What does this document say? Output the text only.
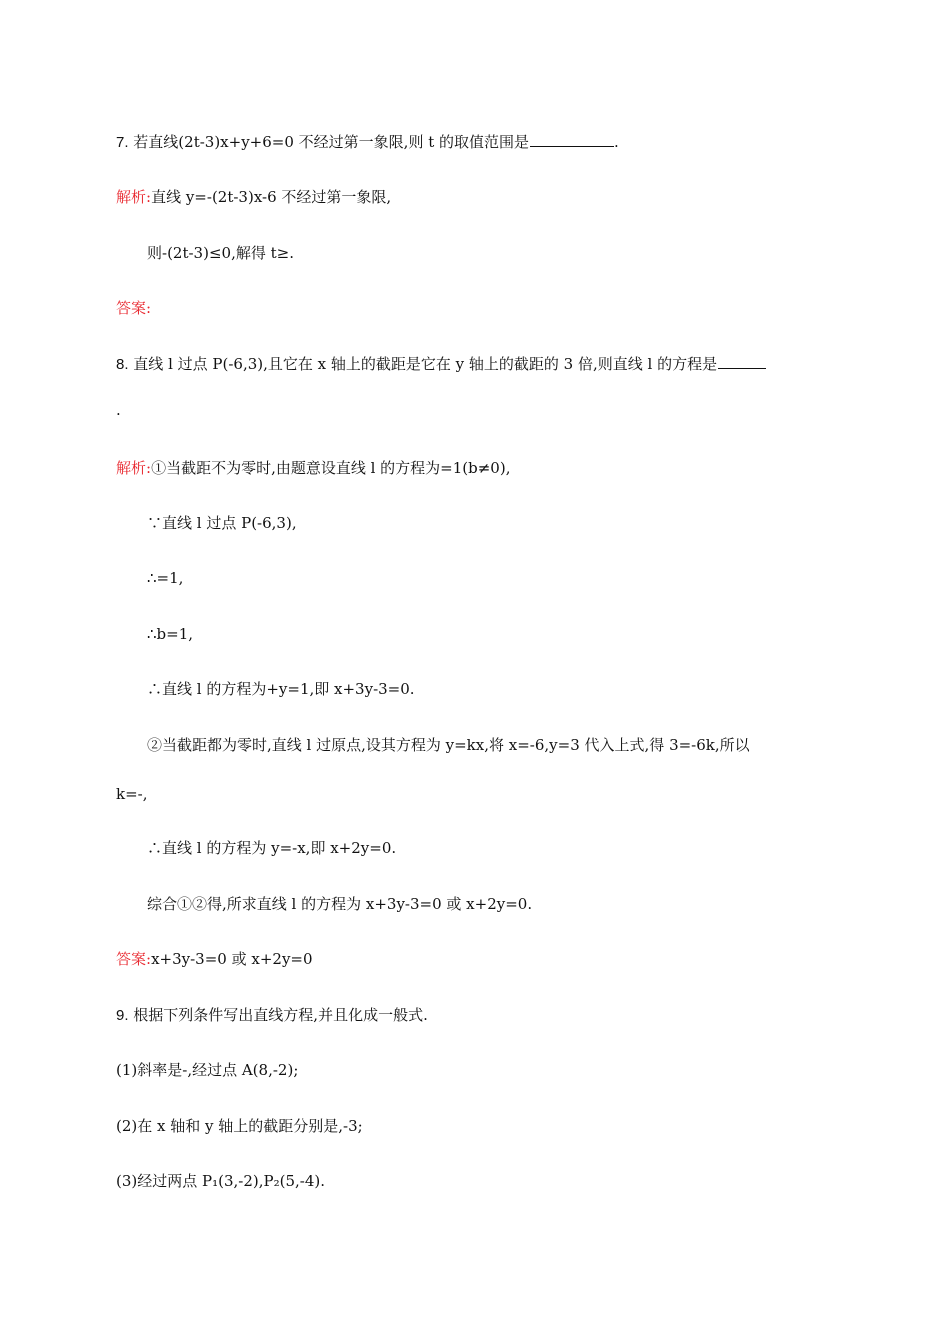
7. 若直线(2t-3)x+y+6=0 不经过第一象限,则 t 的取值范围是	.
解析:直线 y=-(2t-3)x-6 不经过第一象限,
则-(2t-3)≤0,解得 t≥.
答案:
8. 直线 l 过点 P(-6,3),且它在 x 轴上的截距是它在 y 轴上的截距的 3 倍,则直线 l 的方程是
.
解析:①当截距不为零时,由题意设直线 l 的方程为=1(b≠0),
∵直线 l 过点 P(-6,3),
∴=1,
∴b=1,
∴直线 l 的方程为+y=1,即 x+3y-3=0.
②当截距都为零时,直线 l 过原点,设其方程为 y=kx,将 x=-6,y=3 代入上式,得 3=-6k,所以
k=-,
∴直线 l 的方程为 y=-x,即 x+2y=0.
综合①②得,所求直线 l 的方程为 x+3y-3=0 或 x+2y=0.
答案:x+3y-3=0 或 x+2y=0
9. 根据下列条件写出直线方程,并且化成一般式.
(1)斜率是-,经过点 A(8,-2);
(2)在 x 轴和 y 轴上的截距分别是,-3;
(3)经过两点 P₁(3,-2),P₂(5,-4).
